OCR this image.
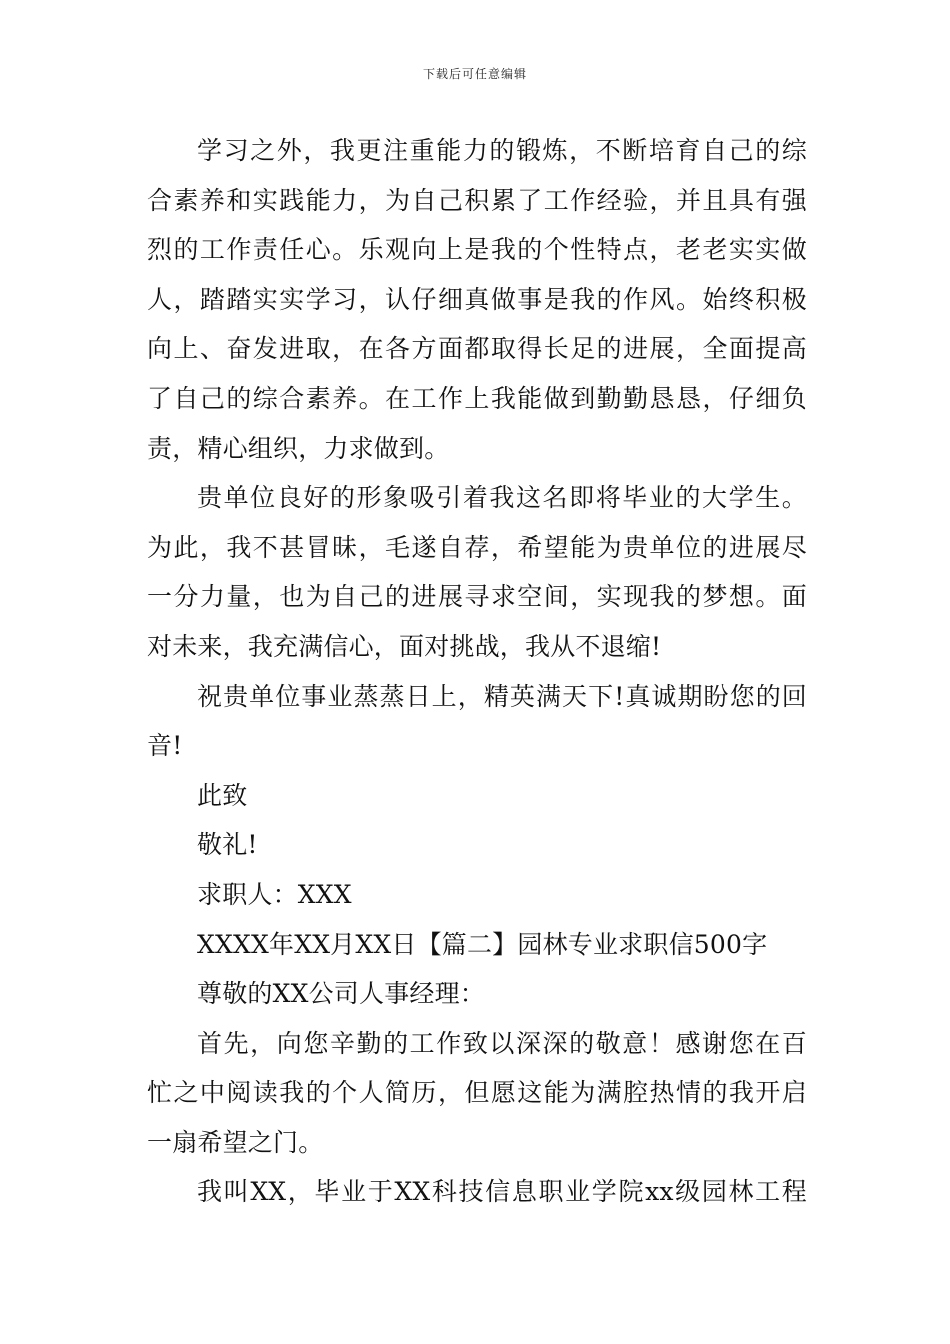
下载后可任意编辑
学习之外，我更注重能力的锻炼，不断培育自己的综
合素养和实践能力，为自己积累了工作经验，并且具有强
烈的工作责任心。乐观向上是我的个性特点，老老实实做
人，踏踏实实学习，认仔细真做事是我的作风。始终积极
向上、奋发进取，在各方面都取得长足的进展，全面提高
了自己的综合素养。在工作上我能做到勤勤恳恳，仔细负
责，精心组织，力求做到。
贵单位良好的形象吸引着我这名即将毕业的大学生。
为此，我不甚冒昧，毛遂自荐，希望能为贵单位的进展尽
一分力量，也为自己的进展寻求空间，实现我的梦想。面
对未来，我充满信心，面对挑战，我从不退缩!
祝贵单位事业蒸蒸日上，精英满天下!真诚期盼您的回
音!
此致
敬礼!
求职人：XXX
XXXX年XX月XX日【篇二】园林专业求职信500字
尊敬的XX公司人事经理：
首先，向您辛勤的工作致以深深的敬意！感谢您在百
忙之中阅读我的个人简历，但愿这能为满腔热情的我开启
一扇希望之门。
我叫XX，毕业于XX科技信息职业学院xx级园林工程
